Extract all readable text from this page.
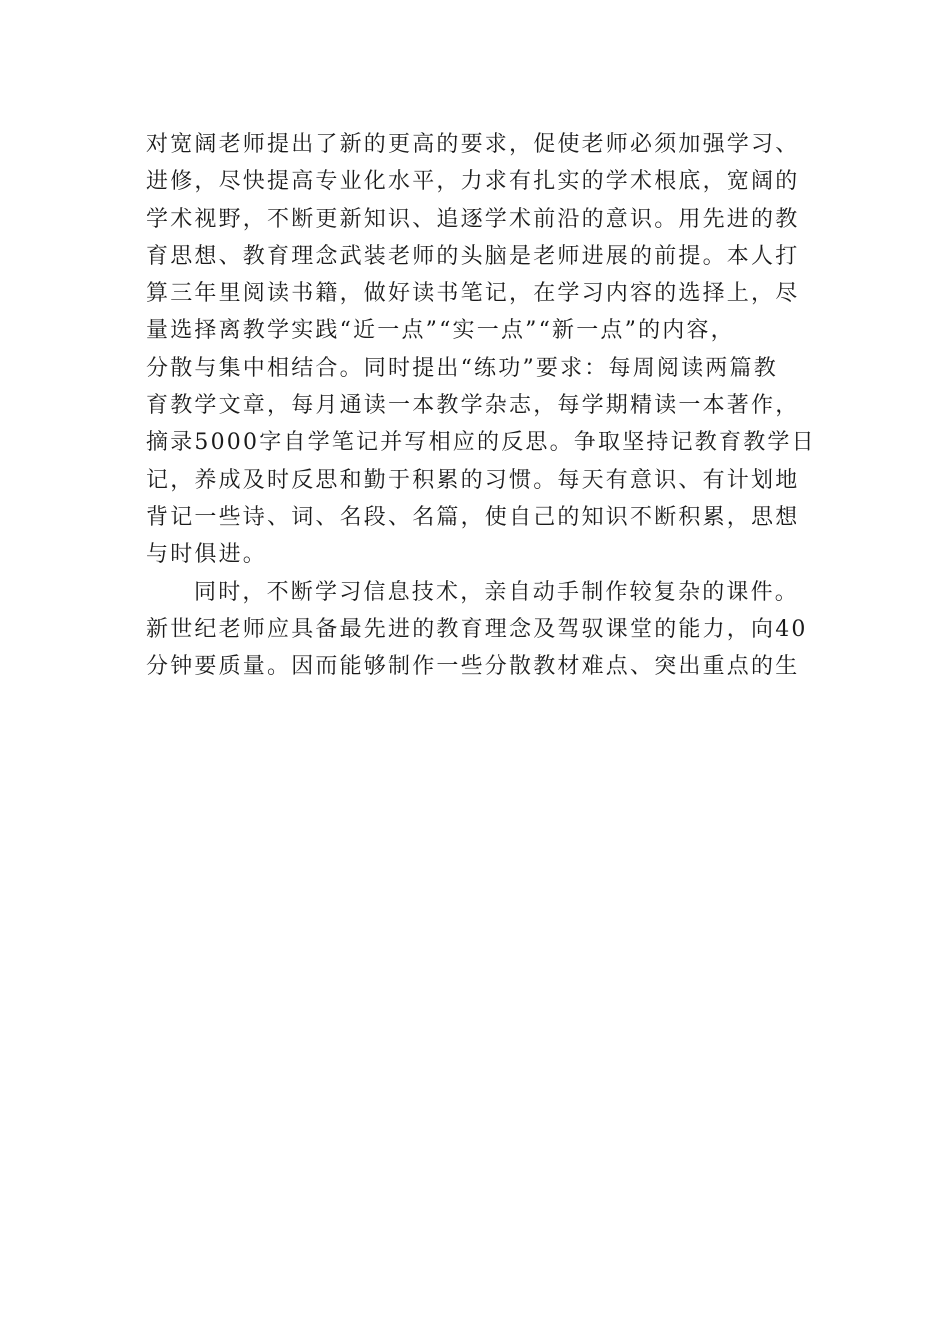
对宽阔老师提出了新的更高的要求，促使老师必须加强学习、
进修，尽快提高专业化水平，力求有扎实的学术根底，宽阔的
学术视野，不断更新知识、追逐学术前沿的意识。用先进的教
育思想、教育理念武装老师的头脑是老师进展的前提。本人打
算三年里阅读书籍，做好读书笔记，在学习内容的选择上，尽
量选择离教学实践“近一点”“实一点”“新一点”的内容，
分散与集中相结合。同时提出“练功”要求：每周阅读两篇教
育教学文章，每月通读一本教学杂志，每学期精读一本著作，
摘录5000字自学笔记并写相应的反思。争取坚持记教育教学日
记，养成及时反思和勤于积累的习惯。每天有意识、有计划地
背记一些诗、词、名段、名篇，使自己的知识不断积累，思想
与时俱进。
同时，不断学习信息技术，亲自动手制作较复杂的课件。
新世纪老师应具备最先进的教育理念及驾驭课堂的能力，向40
分钟要质量。因而能够制作一些分散教材难点、突出重点的生
